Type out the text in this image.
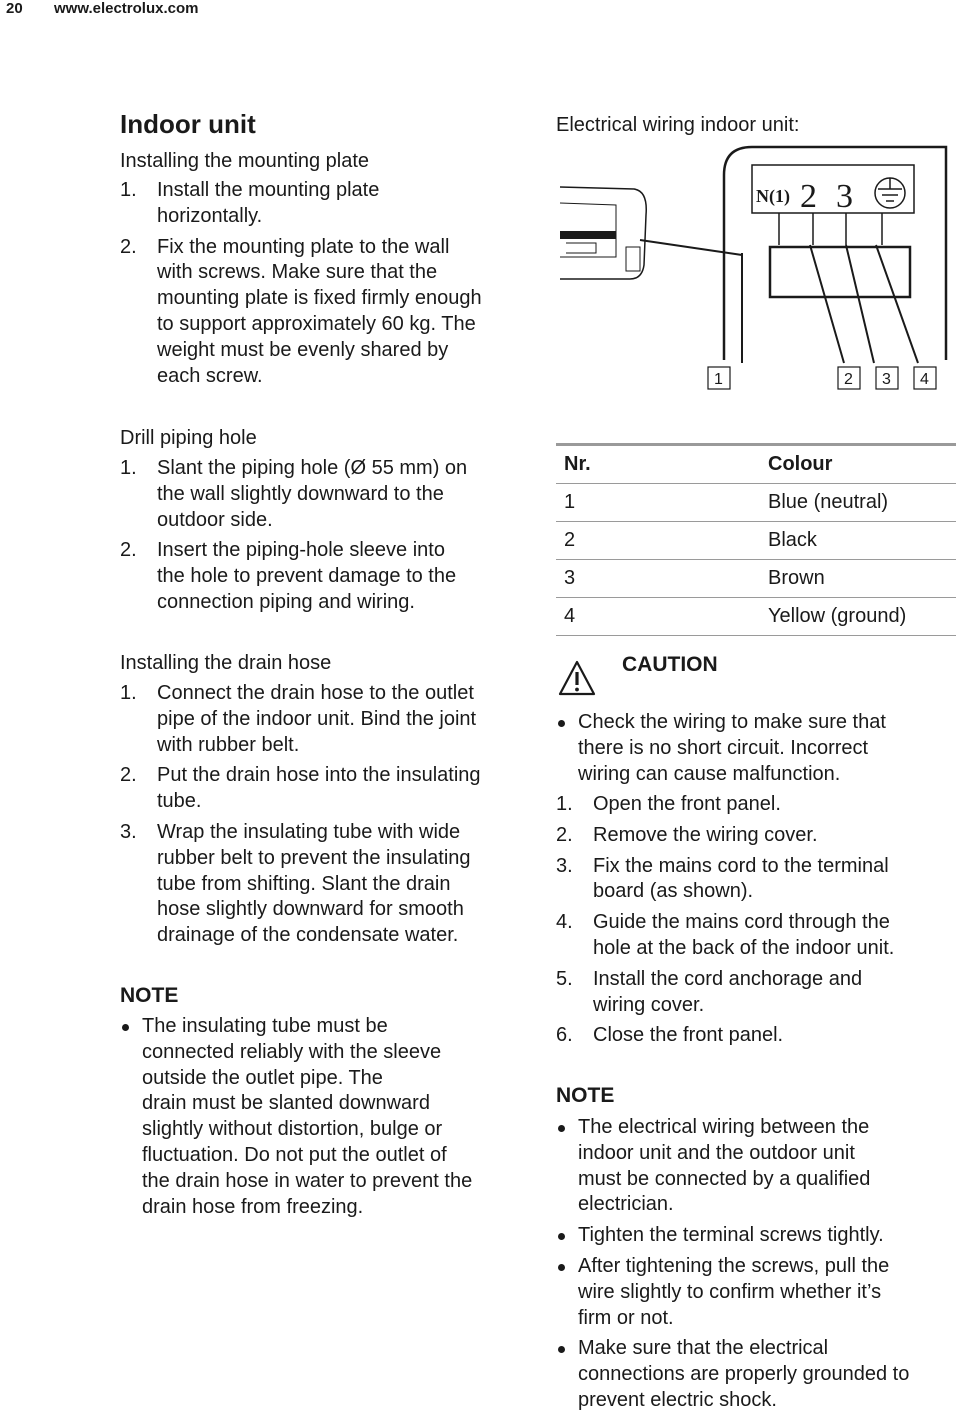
20 www.electrolux.com
Indoor unit
Installing the mounting plate
1. Install the mounting plate
horizontally.
2. Fix the mounting plate to the wall
with screws. Make sure that the
mounting plate is fixed firmly enough
to support approximately 60 kg. The
weight must be evenly shared by
each screw.
Drill piping hole
1. Slant the piping hole (Ø 55 mm) on
the wall slightly downward to the
outdoor side.
2. Insert the piping-hole sleeve into
the hole to prevent damage to the
connection piping and wiring.
Installing the drain hose
1. Connect the drain hose to the outlet
pipe of the indoor unit. Bind the joint
with rubber belt.
2. Put the drain hose into the insulating
tube.
3. Wrap the insulating tube with wide
rubber belt to prevent the insulating
tube from shifting. Slant the drain
hose slightly downward for smooth
drainage of the condensate water.
NOTE
The insulating tube must be
connected reliably with the sleeve
outside the outlet pipe. The
drain must be slanted downward
slightly without distortion, bulge or
fluctuation. Do not put the outlet of
the drain hose in water to prevent the
drain hose from freezing.
Electrical wiring indoor unit:
N(1) 2 3
1	2 3 4
Nr.	Colour
1	Blue (neutral)
2	Black
3	Brown
4	Yellow (ground)
CAUTION
Check the wiring to make sure that
there is no short circuit. Incorrect
wiring can cause malfunction.
1. Open the front panel.
2. Remove the wiring cover.
3. Fix the mains cord to the terminal
board (as shown).
4. Guide the mains cord through the
hole at the back of the indoor unit.
5. Install the cord anchorage and
wiring cover.
6. Close the front panel.
NOTE
The electrical wiring between the
indoor unit and the outdoor unit
must be connected by a qualified
electrician.
Tighten the terminal screws tightly.
After tightening the screws, pull the
wire slightly to confirm whether it’s
firm or not.
Make sure that the electrical
connections are properly grounded to
prevent electric shock.
